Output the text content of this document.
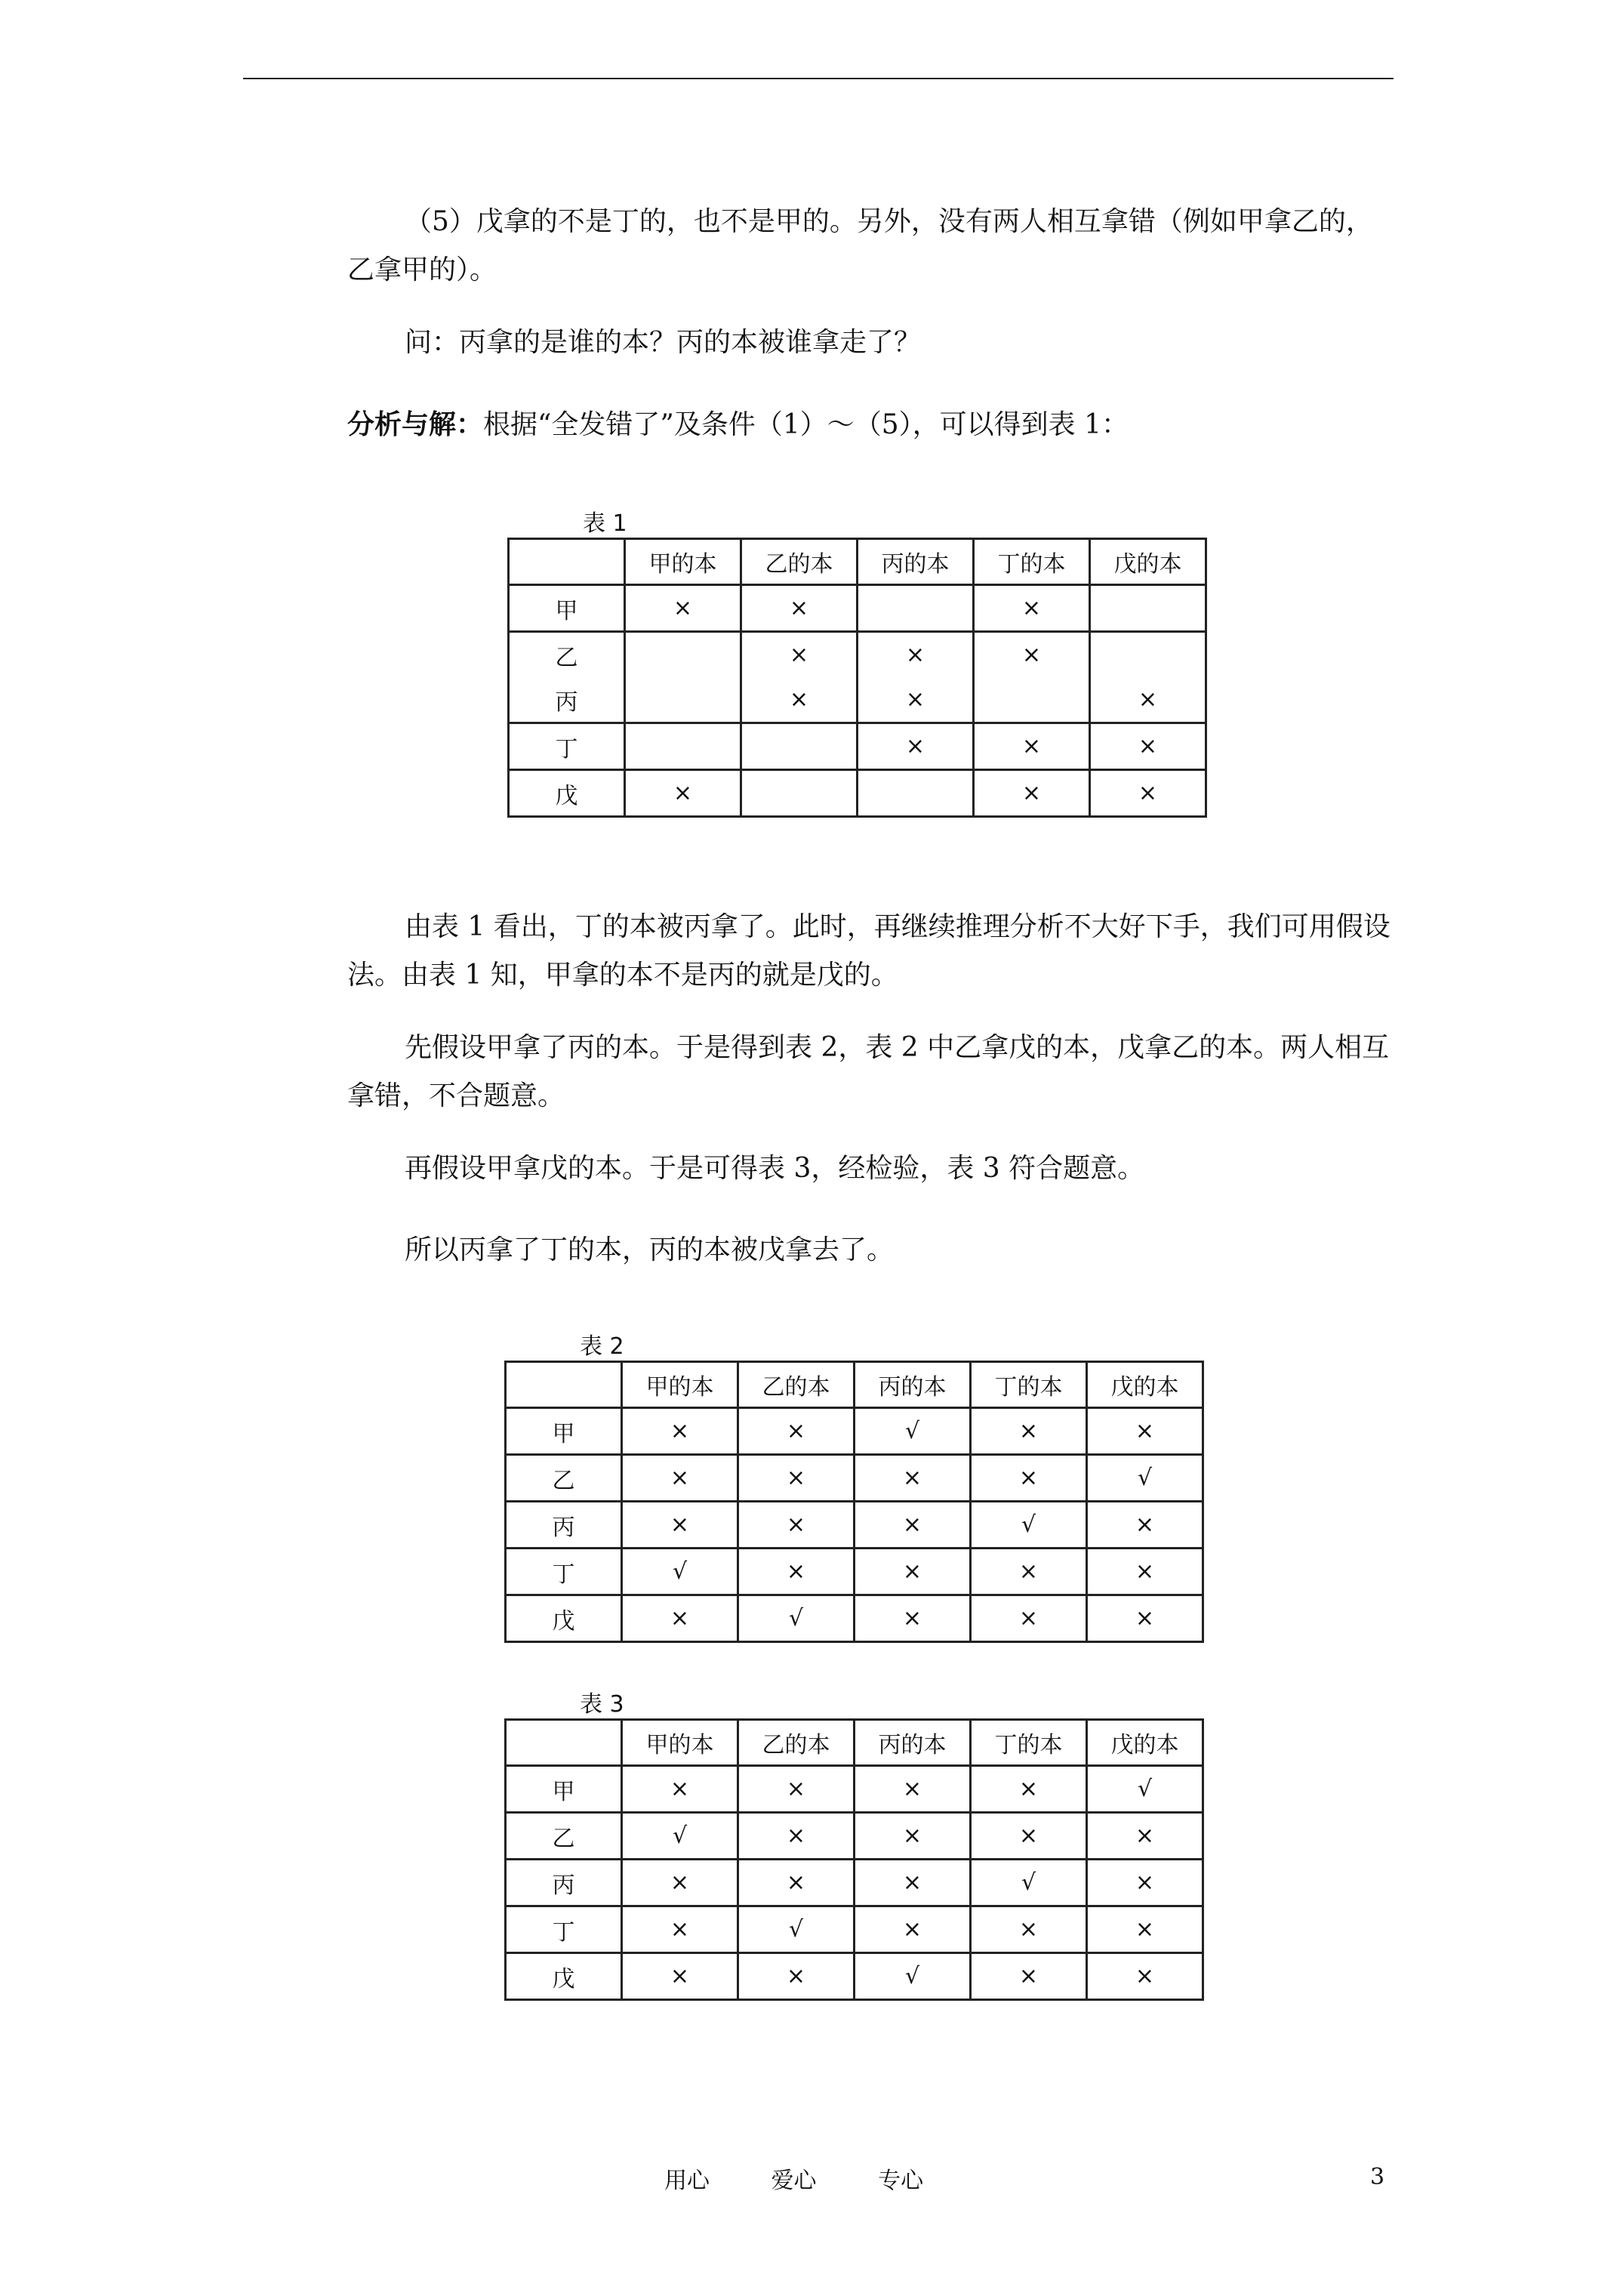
（5）戊拿的不是丁的，也不是甲的。另外，没有两人相互拿错（例如甲拿乙的，乙拿甲的）。

问：丙拿的是谁的本？丙的本被谁拿走了？

分析与解：根据“全发错了”及条件（1）～（5），可以得到表 1：

表 1
	甲的本	乙的本	丙的本	丁的本	戊的本
甲	×	×		×	
乙		×	×	×	
丙		×	×		×
丁			×	×	×
戊	×			×	×

由表 1 看出，丁的本被丙拿了。此时，再继续推理分析不大好下手，我们可用假设法。由表 1 知，甲拿的本不是丙的就是戊的。

先假设甲拿了丙的本。于是得到表 2，表 2 中乙拿戊的本，戊拿乙的本。两人相互拿错，不合题意。

再假设甲拿戊的本。于是可得表 3，经检验，表 3 符合题意。

所以丙拿了丁的本，丙的本被戊拿去了。

表 2
	甲的本	乙的本	丙的本	丁的本	戊的本
甲	×	×	√	×	×
乙	×	×	×	×	√
丙	×	×	×	√	×
丁	√	×	×	×	×
戊	×	√	×	×	×
表 3
	甲的本	乙的本	丙的本	丁的本	戊的本
甲	×	×	×	×	√
乙	√	×	×	×	×
丙	×	×	×	√	×
丁	×	√	×	×	×
戊	×	×	√	×	×
用心	爱心	专心	3
